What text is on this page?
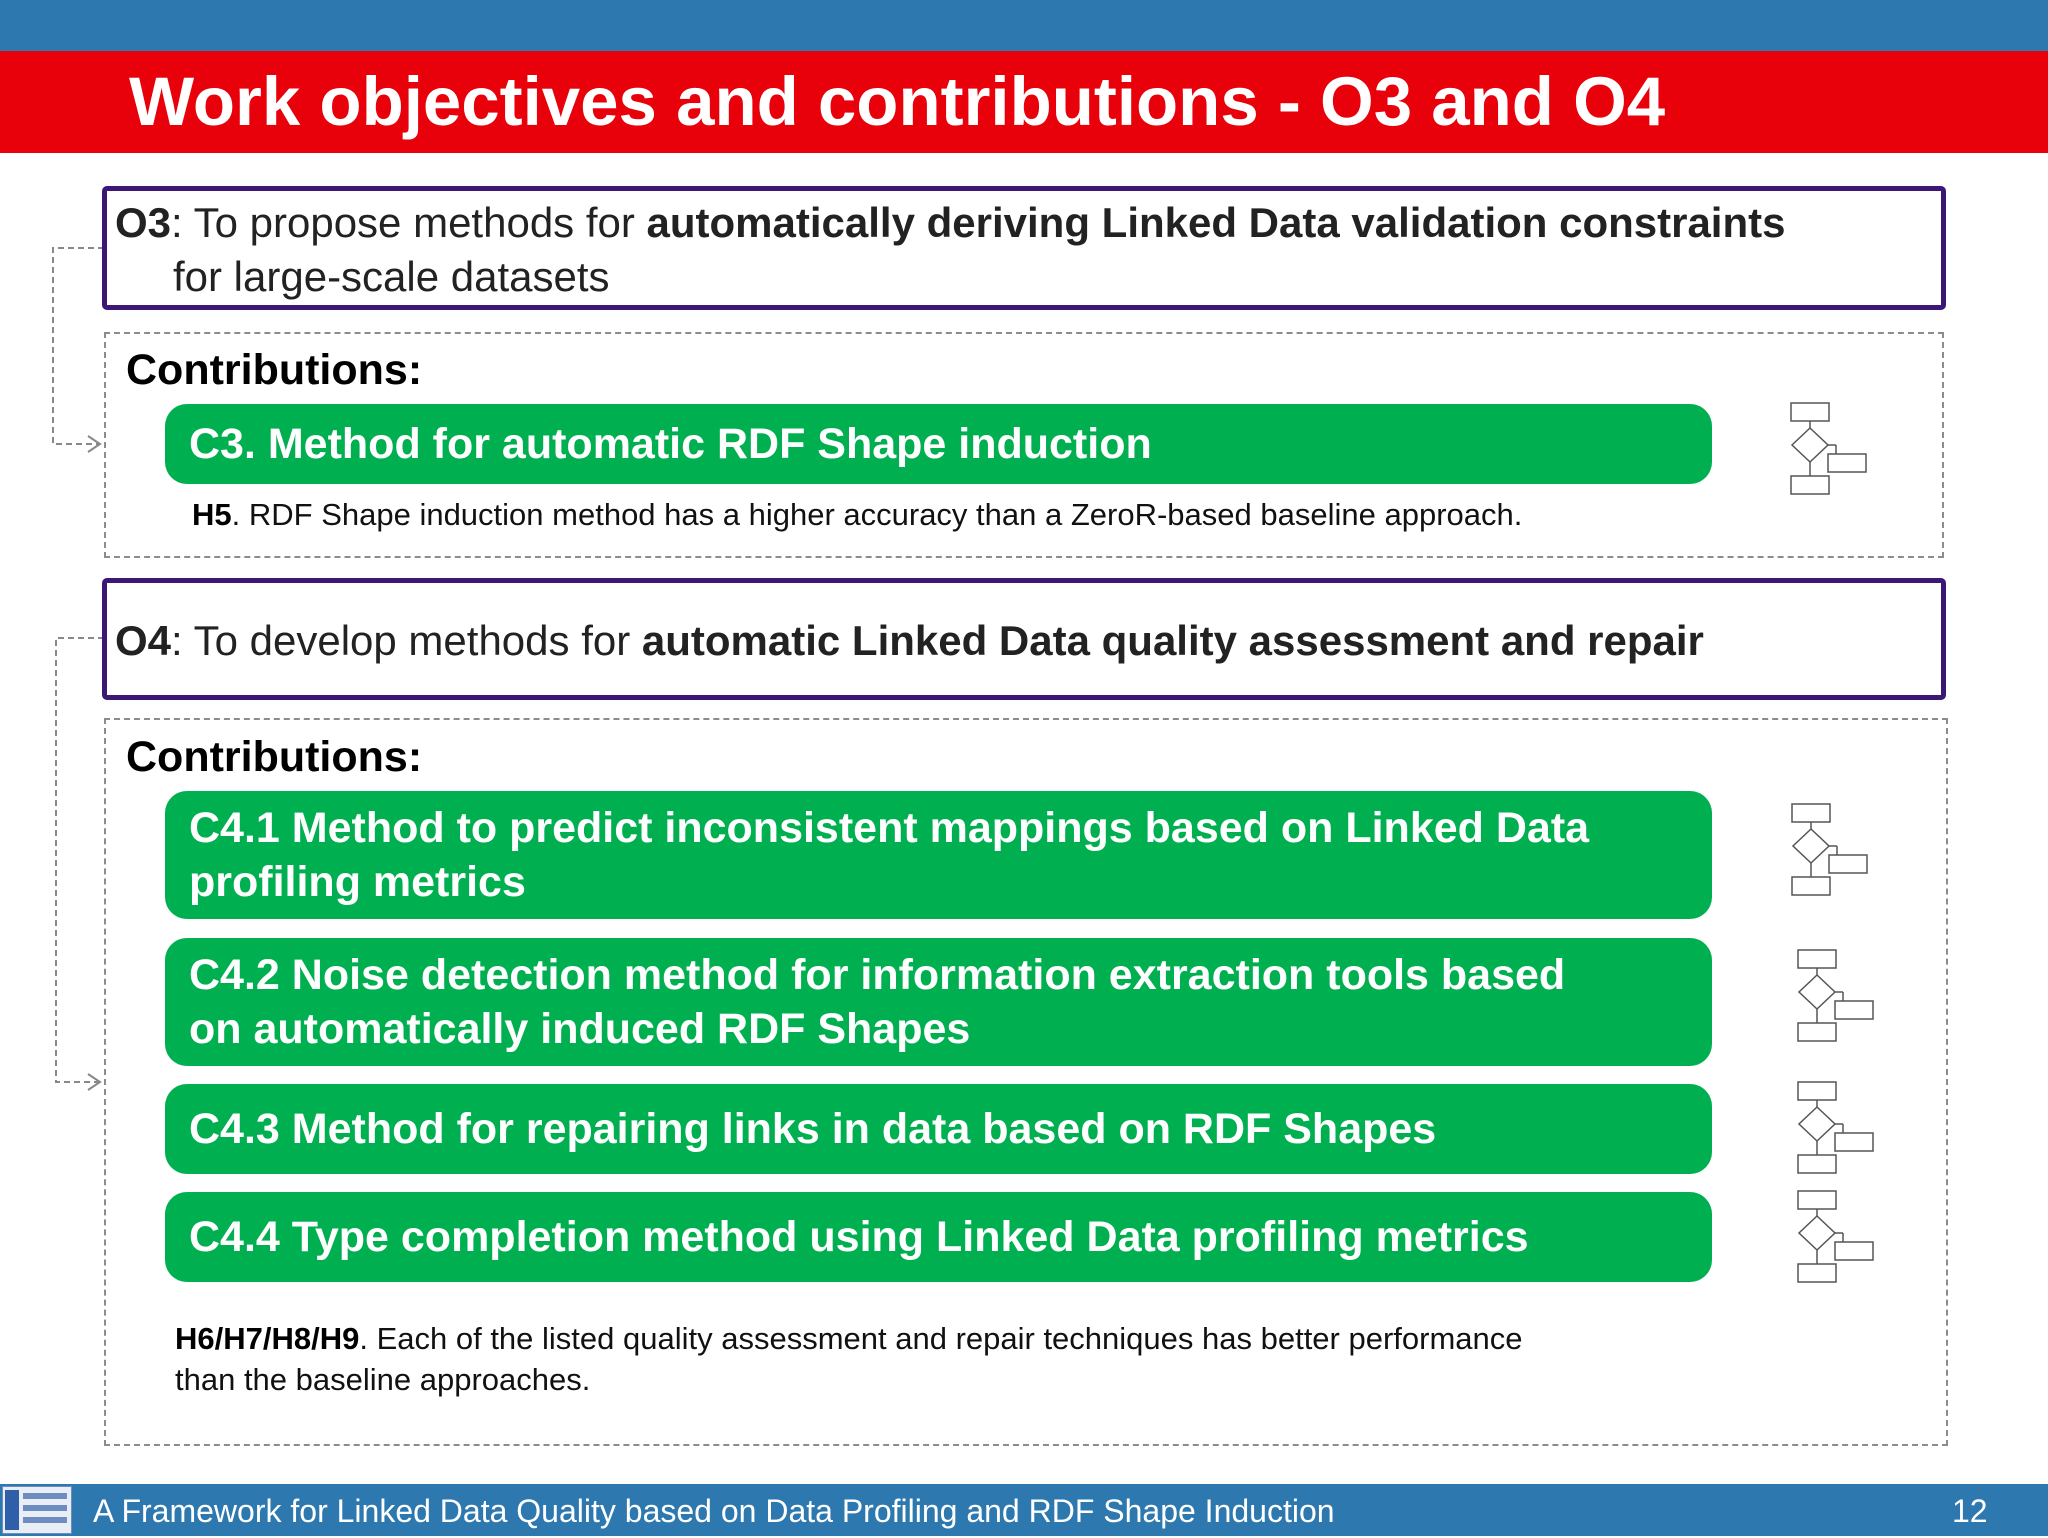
Work objectives and contributions - O3 and O4
O3: To propose methods for automatically deriving Linked Data validation constraints
for large-scale datasets
Contributions:
C3. Method for automatic RDF Shape induction
H5. RDF Shape induction method has a higher accuracy than a ZeroR-based baseline approach.
O4: To develop methods for automatic Linked Data quality assessment and repair
Contributions:
C4.1 Method to predict inconsistent mappings based on Linked Data
profiling metrics
C4.2 Noise detection method for information extraction tools based
on automatically induced RDF Shapes
C4.3 Method for repairing links in data based on RDF Shapes
C4.4 Type completion method using Linked Data profiling metrics
H6/H7/H8/H9. Each of the listed quality assessment and repair techniques has better performance
than the baseline approaches.
A Framework for Linked Data Quality based on Data Profiling and RDF Shape Induction	12
